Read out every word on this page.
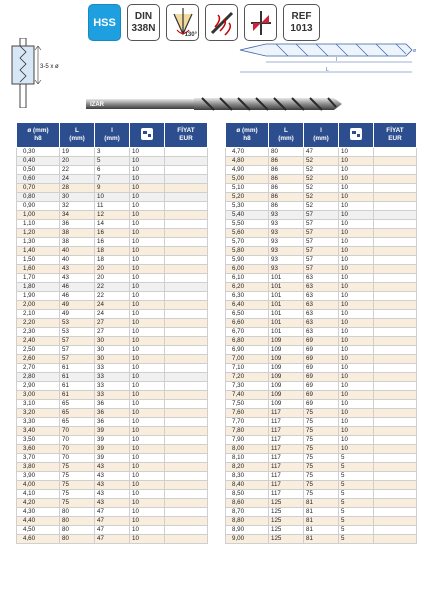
HSS
DIN
338N
130°
REF
1013
3-5 x ø
l
L
ø
IZAR
ø (mm)
h8	L
(mm)	l
(mm)		FİYAT
EUR
0,30	19	3	10	
0,40	20	5	10	
0,50	22	6	10	
0,60	24	7	10	
0,70	28	9	10	
0,80	30	10	10	
0,90	32	11	10	
1,00	34	12	10	
1,10	36	14	10	
1,20	38	16	10	
1,30	38	16	10	
1,40	40	18	10	
1,50	40	18	10	
1,60	43	20	10	
1,70	43	20	10	
1,80	46	22	10	
1,90	46	22	10	
2,00	49	24	10	
2,10	49	24	10	
2,20	53	27	10	
2,30	53	27	10	
2,40	57	30	10	
2,50	57	30	10	
2,60	57	30	10	
2,70	61	33	10	
2,80	61	33	10	
2,90	61	33	10	
3,00	61	33	10	
3,10	65	36	10	
3,20	65	36	10	
3,30	65	36	10	
3,40	70	39	10	
3,50	70	39	10	
3,60	70	39	10	
3,70	70	39	10	
3,80	75	43	10	
3,90	75	43	10	
4,00	75	43	10	
4,10	75	43	10	
4,20	75	43	10	
4,30	80	47	10	
4,40	80	47	10	
4,50	80	47	10	
4,60	80	47	10	
ø (mm)
h8	L
(mm)	l
(mm)		FİYAT
EUR
4,70	80	47	10	
4,80	86	52	10	
4,90	86	52	10	
5,00	86	52	10	
5,10	86	52	10	
5,20	86	52	10	
5,30	86	52	10	
5,40	93	57	10	
5,50	93	57	10	
5,60	93	57	10	
5,70	93	57	10	
5,80	93	57	10	
5,90	93	57	10	
6,00	93	57	10	
6,10	101	63	10	
6,20	101	63	10	
6,30	101	63	10	
6,40	101	63	10	
6,50	101	63	10	
6,60	101	63	10	
6,70	101	63	10	
6,80	109	69	10	
6,90	109	69	10	
7,00	109	69	10	
7,10	109	69	10	
7,20	109	69	10	
7,30	109	69	10	
7,40	109	69	10	
7,50	109	69	10	
7,60	117	75	10	
7,70	117	75	10	
7,80	117	75	10	
7,90	117	75	10	
8,00	117	75	10	
8,10	117	75	5	
8,20	117	75	5	
8,30	117	75	5	
8,40	117	75	5	
8,50	117	75	5	
8,60	125	81	5	
8,70	125	81	5	
8,80	125	81	5	
8,90	125	81	5	
9,00	125	81	5	
